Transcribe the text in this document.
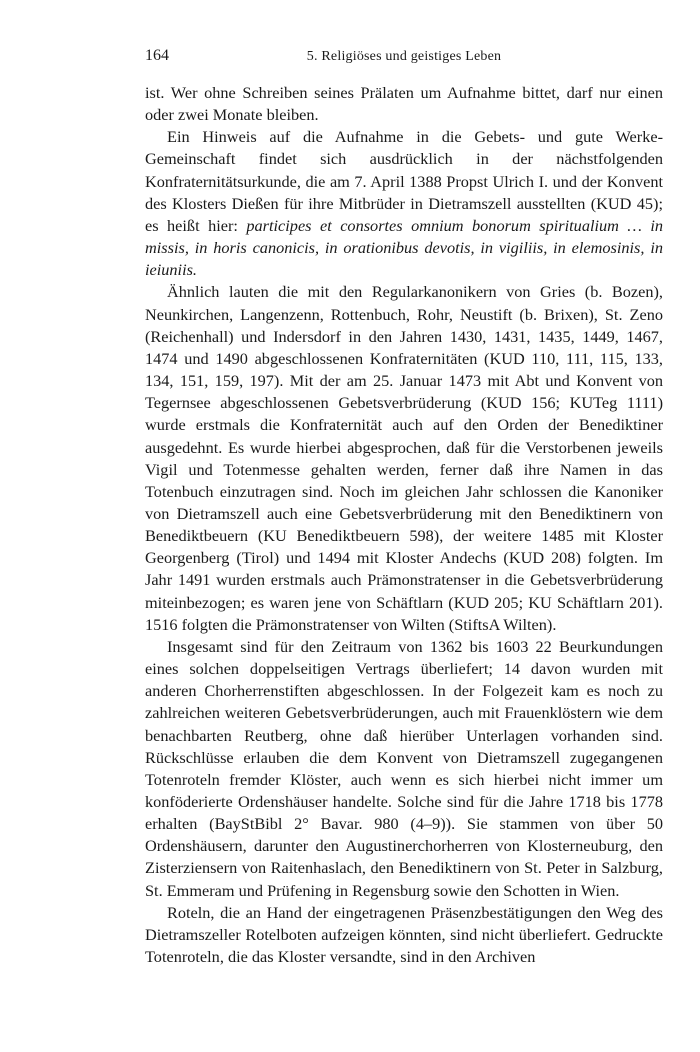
164	5. Religiöses und geistiges Leben

ist. Wer ohne Schreiben seines Prälaten um Aufnahme bittet, darf nur einen oder zwei Monate bleiben.

Ein Hinweis auf die Aufnahme in die Gebets- und gute Werke-Gemeinschaft findet sich ausdrücklich in der nächstfolgenden Konfraternitätsurkunde, die am 7. April 1388 Propst Ulrich I. und der Konvent des Klosters Dießen für ihre Mitbrüder in Dietramszell ausstellten (KUD 45); es heißt hier: participes et consortes omnium bonorum spiritualium … in missis, in horis canonicis, in orationibus devotis, in vigiliis, in elemosinis, in ieiuniis.

Ähnlich lauten die mit den Regularkanonikern von Gries (b. Bozen), Neunkirchen, Langenzenn, Rottenbuch, Rohr, Neustift (b. Brixen), St. Zeno (Reichenhall) und Indersdorf in den Jahren 1430, 1431, 1435, 1449, 1467, 1474 und 1490 abgeschlossenen Konfraternitäten (KUD 110, 111, 115, 133, 134, 151, 159, 197). Mit der am 25. Januar 1473 mit Abt und Konvent von Tegernsee abgeschlossenen Gebetsverbrüderung (KUD 156; KUTeg 1111) wurde erstmals die Konfraternität auch auf den Orden der Benediktiner ausgedehnt. Es wurde hierbei abgesprochen, daß für die Verstorbenen jeweils Vigil und Totenmesse gehalten werden, ferner daß ihre Namen in das Totenbuch einzutragen sind. Noch im gleichen Jahr schlossen die Kanoniker von Dietramszell auch eine Gebetsverbrüderung mit den Benediktinern von Benediktbeuern (KU Benediktbeuern 598), der weitere 1485 mit Kloster Georgenberg (Tirol) und 1494 mit Kloster Andechs (KUD 208) folgten. Im Jahr 1491 wurden erstmals auch Prämonstratenser in die Gebetsverbrüderung miteinbezogen; es waren jene von Schäftlarn (KUD 205; KU Schäftlarn 201). 1516 folgten die Prämonstratenser von Wilten (StiftsA Wilten).

Insgesamt sind für den Zeitraum von 1362 bis 1603 22 Beurkundungen eines solchen doppelseitigen Vertrags überliefert; 14 davon wurden mit anderen Chorherrenstiften abgeschlossen. In der Folgezeit kam es noch zu zahlreichen weiteren Gebetsverbrüderungen, auch mit Frauenklöstern wie dem benachbarten Reutberg, ohne daß hierüber Unterlagen vorhanden sind. Rückschlüsse erlauben die dem Konvent von Dietramszell zugegangenen Totenroteln fremder Klöster, auch wenn es sich hierbei nicht immer um konföderierte Ordenshäuser handelte. Solche sind für die Jahre 1718 bis 1778 erhalten (BayStBibl 2° Bavar. 980 (4–9)). Sie stammen von über 50 Ordenshäusern, darunter den Augustinerchorherren von Klosterneuburg, den Zisterziensern von Raitenhaslach, den Benediktinern von St. Peter in Salzburg, St. Emmeram und Prüfening in Regensburg sowie den Schotten in Wien.

Roteln, die an Hand der eingetragenen Präsenzbestätigungen den Weg des Dietramszeller Rotelboten aufzeigen könnten, sind nicht überliefert. Gedruckte Totenroteln, die das Kloster versandte, sind in den Archiven
